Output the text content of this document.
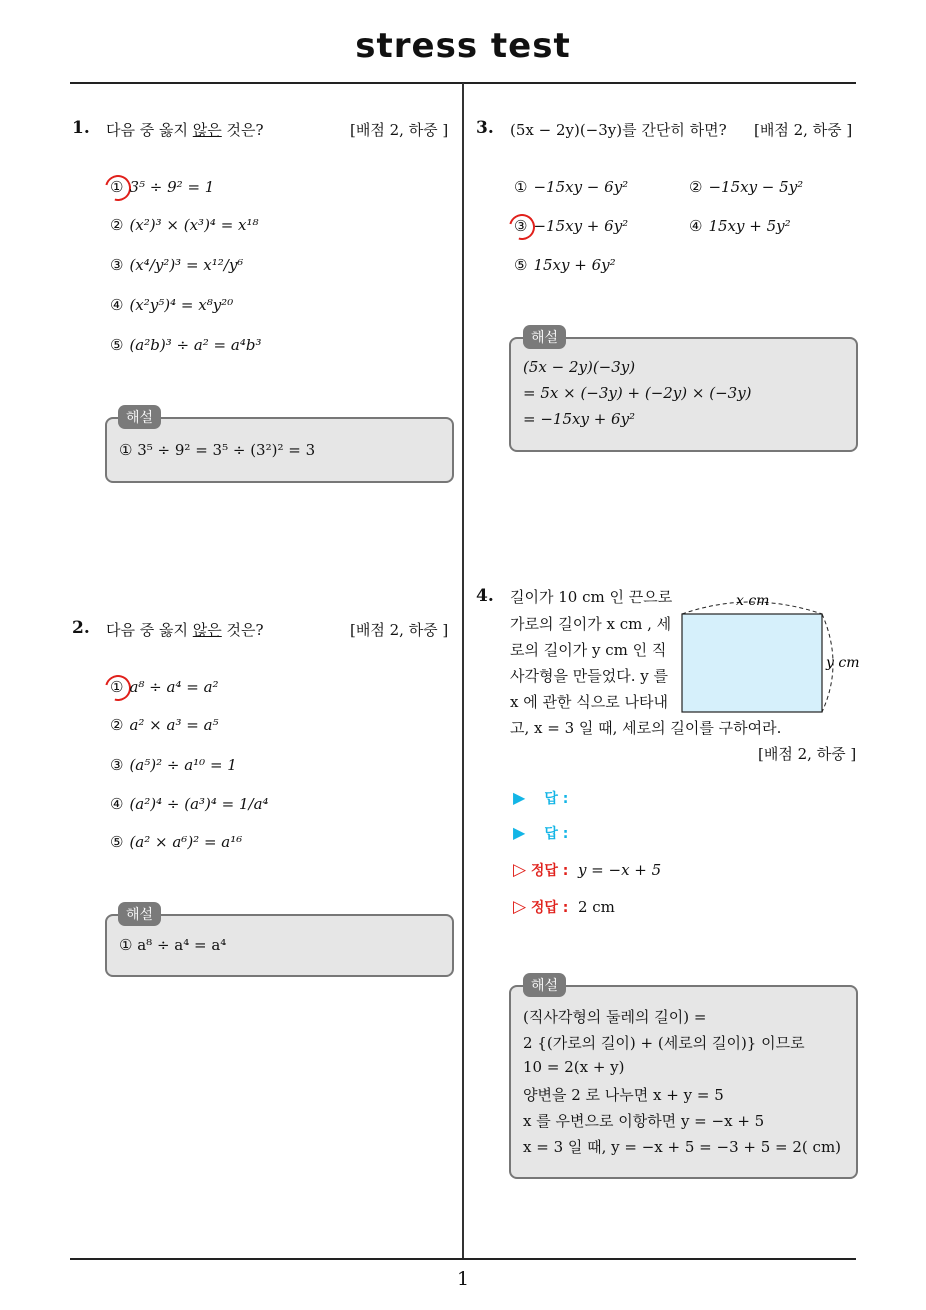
stress test
1
1. 다음 중 옳지 않은 것은?	[배점 2, 하중 ]
① 3⁵ ÷ 9² = 1
② (x²)³ × (x³)⁴ = x¹⁸
③ (x⁴/y²)³ = x¹²/y⁶
④ (x²y⁵)⁴ = x⁸y²⁰
⑤ (a²b)³ ÷ a² = a⁴b³
① 3⁵ ÷ 9² = 3⁵ ÷ (3²)² = 3
해설
2. 다음 중 옳지 않은 것은?	[배점 2, 하중 ]
① a⁸ ÷ a⁴ = a²
② a² × a³ = a⁵
③ (a⁵)² ÷ a¹⁰ = 1
④ (a²)⁴ ÷ (a³)⁴ = 1/a⁴
⑤ (a² × a⁶)² = a¹⁶
① a⁸ ÷ a⁴ = a⁴
해설
3. (5x − 2y)(−3y)를 간단히 하면? [배점 2, 하중 ]
① −15xy − 6y²	② −15xy − 5y²
③ −15xy + 6y²	④ 15xy + 5y²
⑤ 15xy + 6y²
(5x − 2y)(−3y)
= 5x × (−3y) + (−2y) × (−3y)
= −15xy + 6y²
해설
4. 길이가 10 cm 인 끈으로
가로의 길이가 x cm , 세
로의 길이가 y cm 인 직
사각형을 만들었다. y 를
x 에 관한 식으로 나타내
고, x = 3 일 때, 세로의 길이를 구하여라.
[배점 2, 하중 ]
x cm
y cm
▶ 답 :
▶ 답 :
▷ 정답 : y = −x + 5
▷ 정답 : 2 cm
(직사각형의 둘레의 길이) =
2 {(가로의 길이) + (세로의 길이)} 이므로
10 = 2(x + y)
양변을 2 로 나누면 x + y = 5
x 를 우변으로 이항하면 y = −x + 5
x = 3 일 때, y = −x + 5 = −3 + 5 = 2( cm)
해설
